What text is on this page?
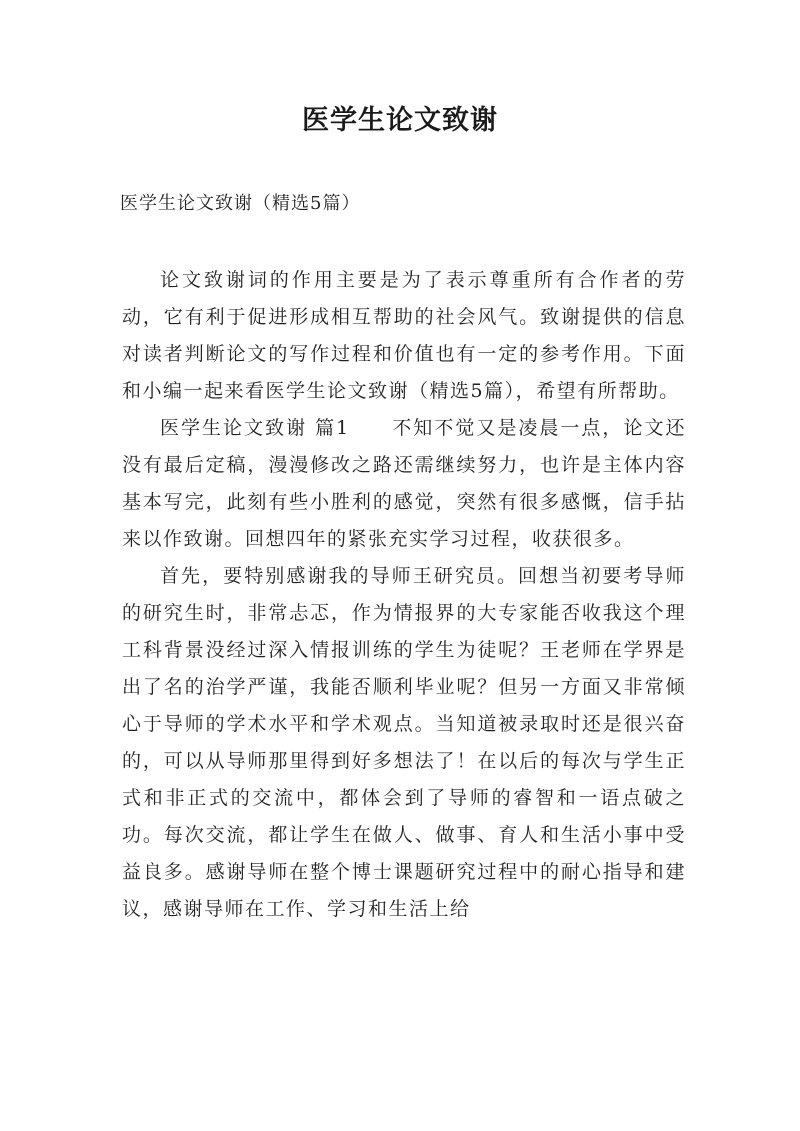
医学生论文致谢
医学生论文致谢（精选5篇）

论文致谢词的作用主要是为了表示尊重所有合作者的劳动，它有利于促进形成相互帮助的社会风气。致谢提供的信息对读者判断论文的写作过程和价值也有一定的参考作用。下面和小编一起来看医学生论文致谢（精选5篇），希望有所帮助。

医学生论文致谢 篇1 不知不觉又是凌晨一点，论文还没有最后定稿，漫漫修改之路还需继续努力，也许是主体内容基本写完，此刻有些小胜利的感觉，突然有很多感慨，信手拈来以作致谢。回想四年的紧张充实学习过程，收获很多。

首先，要特别感谢我的导师王研究员。回想当初要考导师的研究生时，非常忐忑，作为情报界的大专家能否收我这个理工科背景没经过深入情报训练的学生为徒呢？王老师在学界是出了名的治学严谨，我能否顺利毕业呢？但另一方面又非常倾心于导师的学术水平和学术观点。当知道被录取时还是很兴奋的，可以从导师那里得到好多想法了！在以后的每次与学生正式和非正式的交流中，都体会到了导师的睿智和一语点破之功。每次交流，都让学生在做人、做事、育人和生活小事中受益良多。感谢导师在整个博士课题研究过程中的耐心指导和建议，感谢导师在工作、学习和生活上给
